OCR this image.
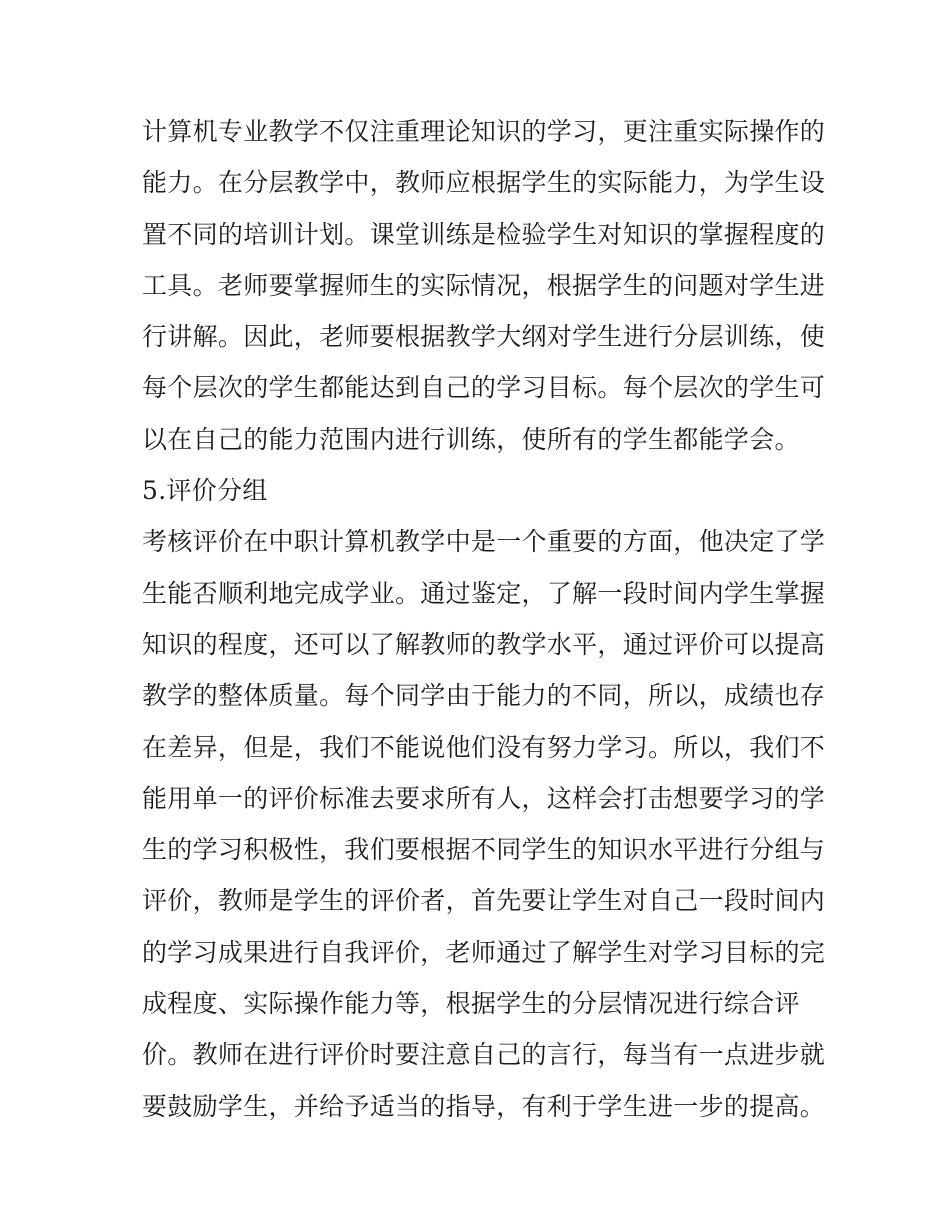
计算机专业教学不仅注重理论知识的学习，更注重实际操作的
能力。在分层教学中，教师应根据学生的实际能力，为学生设
置不同的培训计划。课堂训练是检验学生对知识的掌握程度的
工具。老师要掌握师生的实际情况，根据学生的问题对学生进
行讲解。因此，老师要根据教学大纲对学生进行分层训练，使
每个层次的学生都能达到自己的学习目标。每个层次的学生可
以在自己的能力范围内进行训练，使所有的学生都能学会。
5.评价分组
考核评价在中职计算机教学中是一个重要的方面，他决定了学
生能否顺利地完成学业。通过鉴定，了解一段时间内学生掌握
知识的程度，还可以了解教师的教学水平，通过评价可以提高
教学的整体质量。每个同学由于能力的不同，所以，成绩也存
在差异，但是，我们不能说他们没有努力学习。所以，我们不
能用单一的评价标准去要求所有人，这样会打击想要学习的学
生的学习积极性，我们要根据不同学生的知识水平进行分组与
评价，教师是学生的评价者，首先要让学生对自己一段时间内
的学习成果进行自我评价，老师通过了解学生对学习目标的完
成程度、实际操作能力等，根据学生的分层情况进行综合评
价。教师在进行评价时要注意自己的言行，每当有一点进步就
要鼓励学生，并给予适当的指导，有利于学生进一步的提高。
